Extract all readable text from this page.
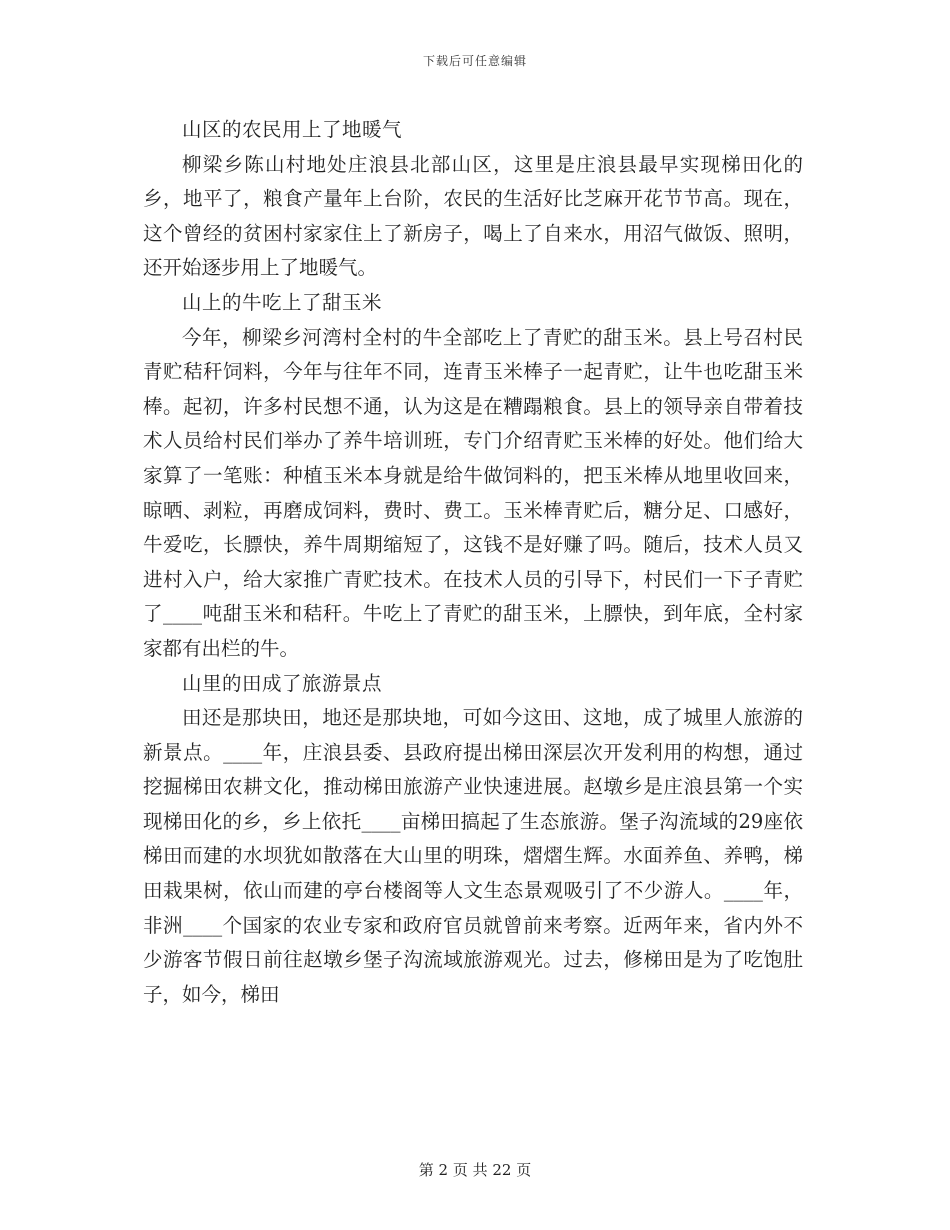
下载后可任意编辑

山区的农民用上了地暖气

柳梁乡陈山村地处庄浪县北部山区，这里是庄浪县最早实现梯田化的乡，地平了，粮食产量年上台阶，农民的生活好比芝麻开花节节高。现在，这个曾经的贫困村家家住上了新房子，喝上了自来水，用沼气做饭、照明，还开始逐步用上了地暖气。

山上的牛吃上了甜玉米

今年，柳梁乡河湾村全村的牛全部吃上了青贮的甜玉米。县上号召村民青贮秸秆饲料，今年与往年不同，连青玉米棒子一起青贮，让牛也吃甜玉米棒。起初，许多村民想不通，认为这是在糟蹋粮食。县上的领导亲自带着技术人员给村民们举办了养牛培训班，专门介绍青贮玉米棒的好处。他们给大家算了一笔账：种植玉米本身就是给牛做饲料的，把玉米棒从地里收回来，晾晒、剥粒，再磨成饲料，费时、费工。玉米棒青贮后，糖分足、口感好，牛爱吃，长膘快，养牛周期缩短了，这钱不是好赚了吗。随后，技术人员又进村入户，给大家推广青贮技术。在技术人员的引导下，村民们一下子青贮了____吨甜玉米和秸秆。牛吃上了青贮的甜玉米，上膘快，到年底，全村家家都有出栏的牛。

山里的田成了旅游景点

田还是那块田，地还是那块地，可如今这田、这地，成了城里人旅游的新景点。____年，庄浪县委、县政府提出梯田深层次开发利用的构想，通过挖掘梯田农耕文化，推动梯田旅游产业快速进展。赵墩乡是庄浪县第一个实现梯田化的乡，乡上依托____亩梯田搞起了生态旅游。堡子沟流域的29座依梯田而建的水坝犹如散落在大山里的明珠，熠熠生辉。水面养鱼、养鸭，梯田栽果树，依山而建的亭台楼阁等人文生态景观吸引了不少游人。____年，非洲____个国家的农业专家和政府官员就曾前来考察。近两年来，省内外不少游客节假日前往赵墩乡堡子沟流域旅游观光。过去，修梯田是为了吃饱肚子，如今，梯田

第 2 页 共 22 页
